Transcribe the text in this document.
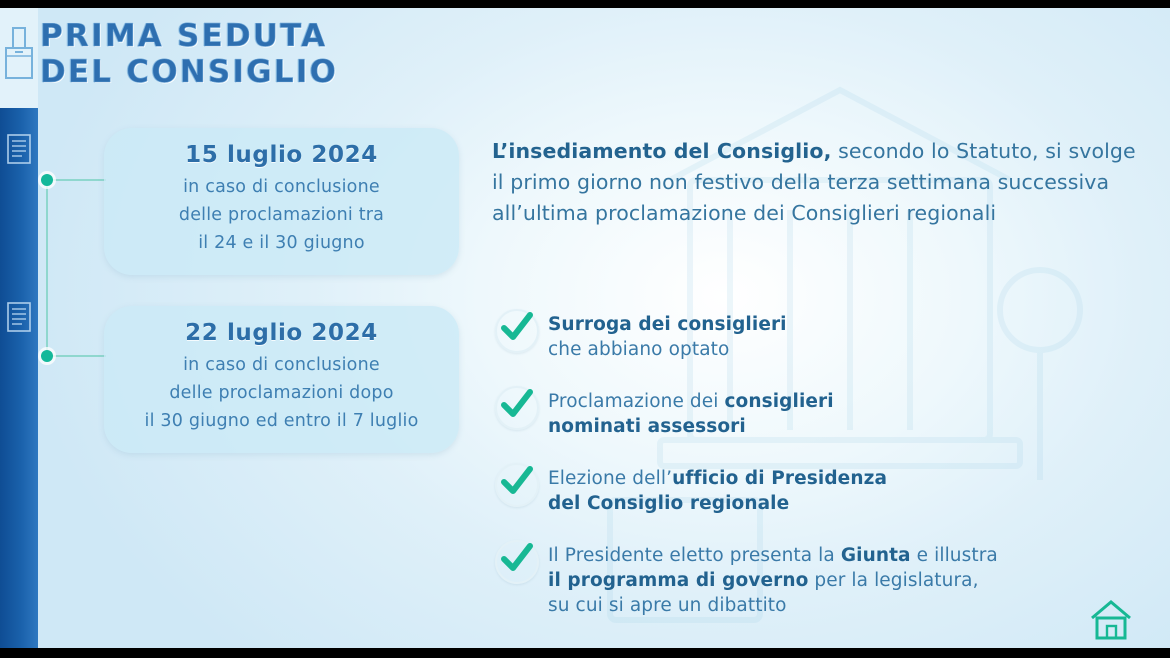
PRIMA SEDUTA
DEL CONSIGLIO
15 luglio 2024
in caso di conclusione
delle proclamazioni tra
il 24 e il 30 giugno
22 luglio 2024
in caso di conclusione
delle proclamazioni dopo
il 30 giugno ed entro il 7 luglio
L’insediamento del Consiglio, secondo lo Statuto, si svolge il primo giorno non festivo della terza settimana successiva all’ultima proclamazione dei Consiglieri regionali
Surroga dei consiglieri
che abbiano optato
Proclamazione dei consiglieri
nominati assessori
Elezione dell’ufficio di Presidenza
del Consiglio regionale
Il Presidente eletto presenta la Giunta e illustra
il programma di governo per la legislatura,
su cui si apre un dibattito
